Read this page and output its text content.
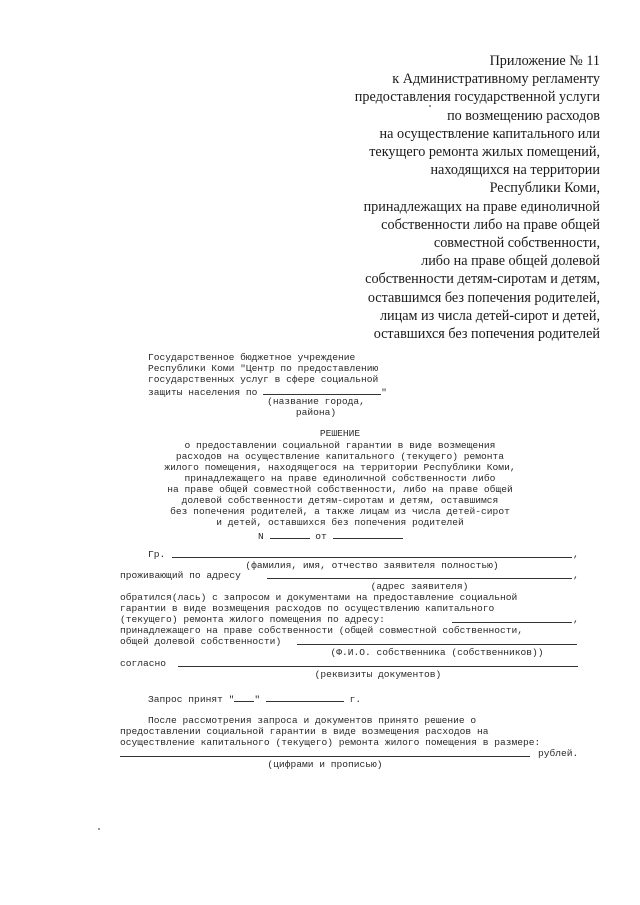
Приложение № 11
к Административному регламенту
предоставления государственной услуги
по возмещению расходов
на осуществление капитального или
текущего ремонта жилых помещений,
находящихся на территории
Республики Коми,
принадлежащих на праве единоличной
собственности либо на праве общей
совместной собственности,
либо на праве общей долевой
собственности детям-сиротам и детям,
оставшимся без попечения родителей,
лицам из числа детей-сирот и детей,
оставшихся без попечения родителей
Государственное бюджетное учреждение
Республики Коми "Центр по предоставлению
государственных услуг в сфере социальной
защиты населения по	"
(название города,
района)
РЕШЕНИЕ
о предоставлении социальной гарантии в виде возмещения
расходов на осуществление капитального (текущего) ремонта
жилого помещения, находящегося на территории Республики Коми,
принадлежащего на праве единоличной собственности либо
на праве общей совместной собственности, либо на праве общей
долевой собственности детям-сиротам и детям, оставшимся
без попечения родителей, а также лицам из числа детей-сирот
и детей, оставшихся без попечения родителей
N	от
Гр.	,
(фамилия, имя, отчество заявителя полностью)
проживающий по адресу	,
(адрес заявителя)
обратился(лась) с запросом и документами на предоставление социальной
гарантии в виде возмещения расходов по осуществлению капитального
(текущего) ремонта жилого помещения по адресу:	,
принадлежащего на праве собственности (общей совместной собственности,
общей долевой собственности)
(Ф.И.О. собственника (собственников))
согласно
(реквизиты документов)
Запрос принят " "	г.
После рассмотрения запроса и документов принято решение о
предоставлении социальной гарантии в виде возмещения расходов на
осуществление капитального (текущего) ремонта жилого помещения в размере:
рублей.
(цифрами и прописью)
